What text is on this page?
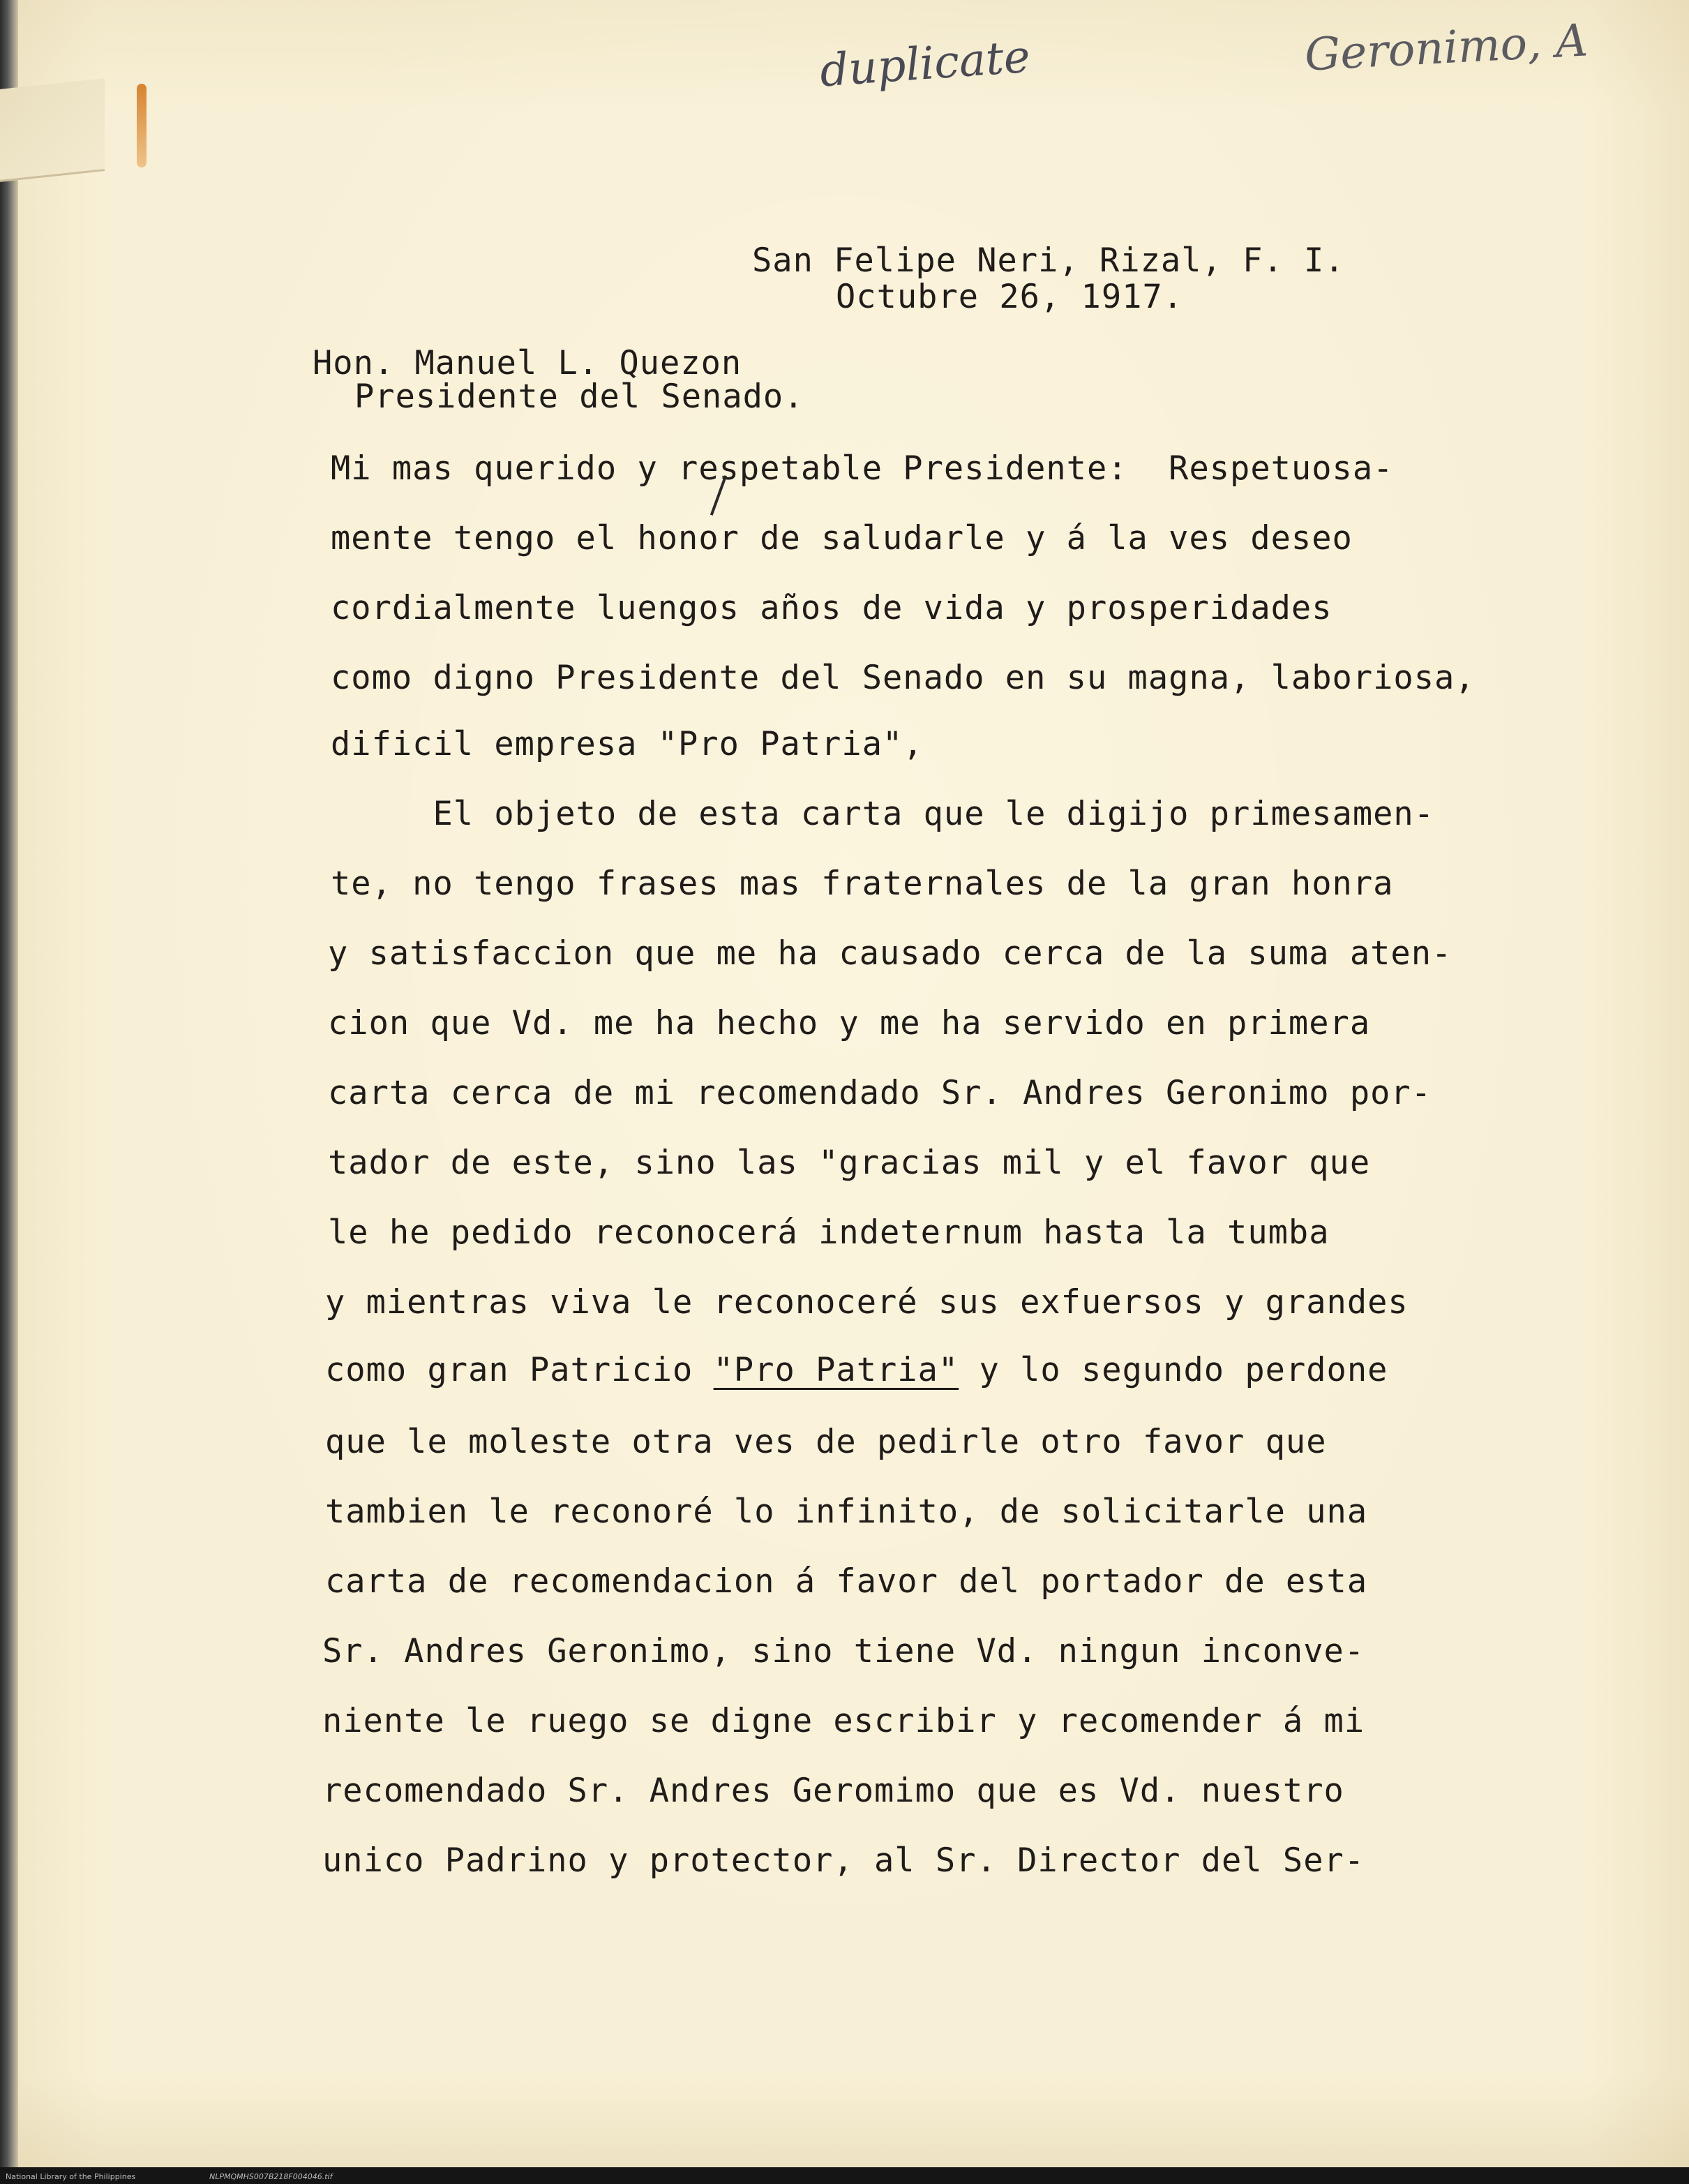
duplicate	Geronimo, A
San Felipe Neri, Rizal, F. I.
Octubre 26, 1917.
Hon. Manuel L. Quezon
Presidente del Senado.
Mi mas querido y respetable Presidente:  Respetuosa-
mente tengo el honor de saludarle y á la ves deseo
cordialmente luengos años de vida y prosperidades
como digno Presidente del Senado en su magna, laboriosa,
dificil empresa "Pro Patria",
El objeto de esta carta que le digijo primesamen-
te, no tengo frases mas fraternales de la gran honra
y satisfaccion que me ha causado cerca de la suma aten-
cion que Vd. me ha hecho y me ha servido en primera
carta cerca de mi recomendado Sr. Andres Geronimo por-
tador de este, sino las "gracias mil y el favor que
le he pedido reconocerá indeternum hasta la tumba
y mientras viva le reconoceré sus exfuersos y grandes
como gran Patricio "Pro Patria" y lo segundo perdone
que le moleste otra ves de pedirle otro favor que
tambien le reconoré lo infinito, de solicitarle una
carta de recomendacion á favor del portador de esta
Sr. Andres Geronimo, sino tiene Vd. ningun inconve-
niente le ruego se digne escribir y recomender á mi
recomendado Sr. Andres Geromimo que es Vd. nuestro
unico Padrino y protector, al Sr. Director del Ser-
National Library of the Philippines	NLPMQMHS007B218F004046.tif
